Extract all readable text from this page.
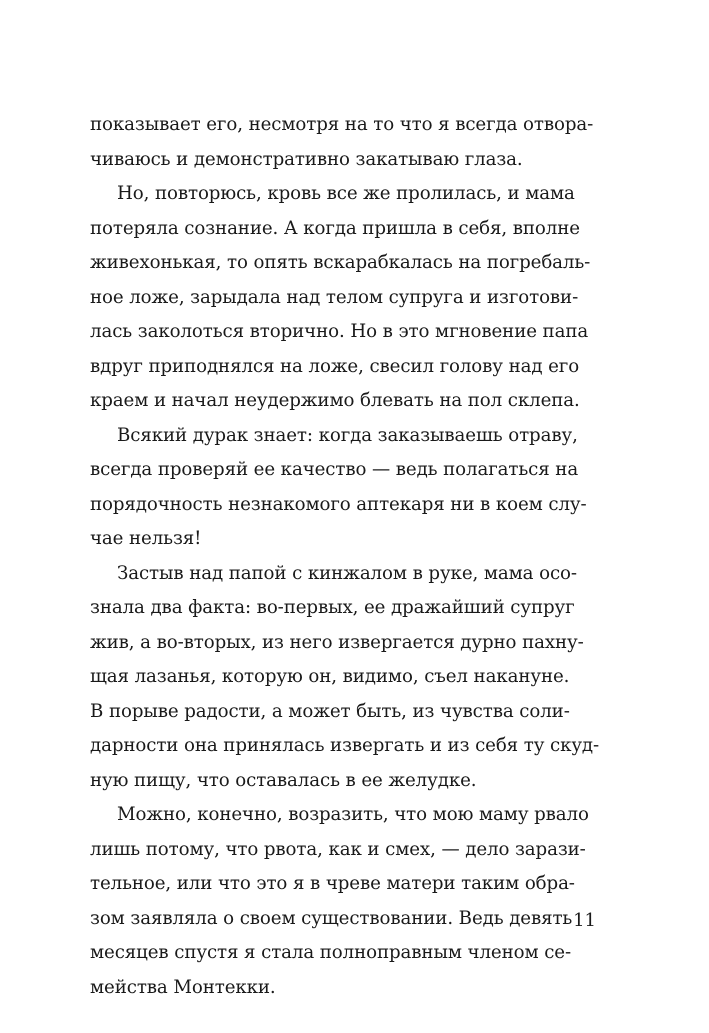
показывает его, несмотря на то что я всегда отвора-
чиваюсь и демонстративно закатываю глаза.
Но, повторюсь, кровь все же пролилась, и мама
потеряла сознание. А когда пришла в себя, вполне
живехонькая, то опять вскарабкалась на погребаль-
ное ложе, зарыдала над телом супруга и изготови-
лась заколоться вторично. Но в это мгновение папа
вдруг приподнялся на ложе, свесил голову над его
краем и начал неудержимо блевать на пол склепа.
Всякий дурак знает: когда заказываешь отраву,
всегда проверяй ее качество — ведь полагаться на
порядочность незнакомого аптекаря ни в коем слу-
чае нельзя!
Застыв над папой с кинжалом в руке, мама осо-
знала два факта: во-первых, ее дражайший супруг
жив, а во-вторых, из него извергается дурно пахну-
щая лазанья, которую он, видимо, съел накануне.
В порыве радости, а может быть, из чувства соли-
дарности она принялась извергать и из себя ту скуд-
ную пищу, что оставалась в ее желудке.
Можно, конечно, возразить, что мою маму рвало
лишь потому, что рвота, как и смех, — дело зарази-
тельное, или что это я в чреве матери таким обра-
зом заявляла о своем существовании. Ведь девять
месяцев спустя я стала полноправным членом се-
мейства Монтекки.
11
